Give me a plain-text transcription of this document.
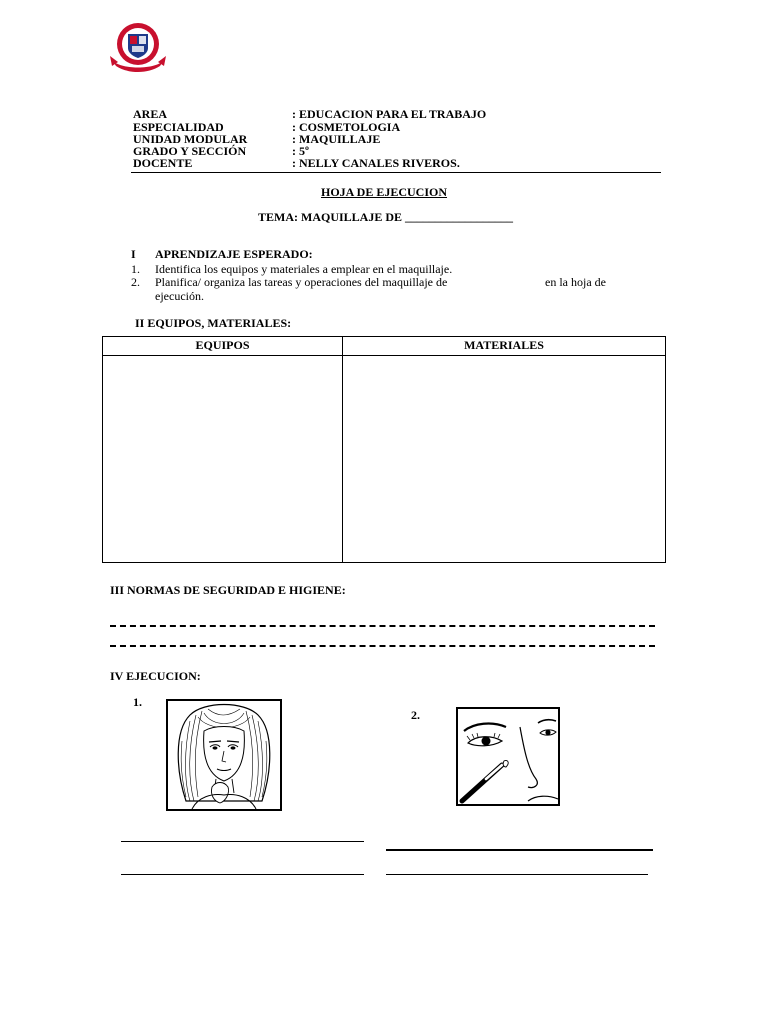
AREA	: EDUCACION PARA EL TRABAJO
ESPECIALIDAD	: COSMETOLOGIA
UNIDAD MODULAR	: MAQUILLAJE
GRADO Y SECCIÓN	: 5º
DOCENTE	: NELLY CANALES RIVEROS.
HOJA DE EJECUCION
TEMA: MAQUILLAJE DE __________________
I APRENDIZAJE ESPERADO:
1. Identifica los equipos y materiales a emplear en el maquillaje.
2. Planifica/ organiza las tareas y operaciones del maquillaje de	en la hoja de
ejecución.
II EQUIPOS, MATERIALES:
EQUIPOS	MATERIALES
III NORMAS DE SEGURIDAD E HIGIENE:
IV EJECUCION:
1.
2.
